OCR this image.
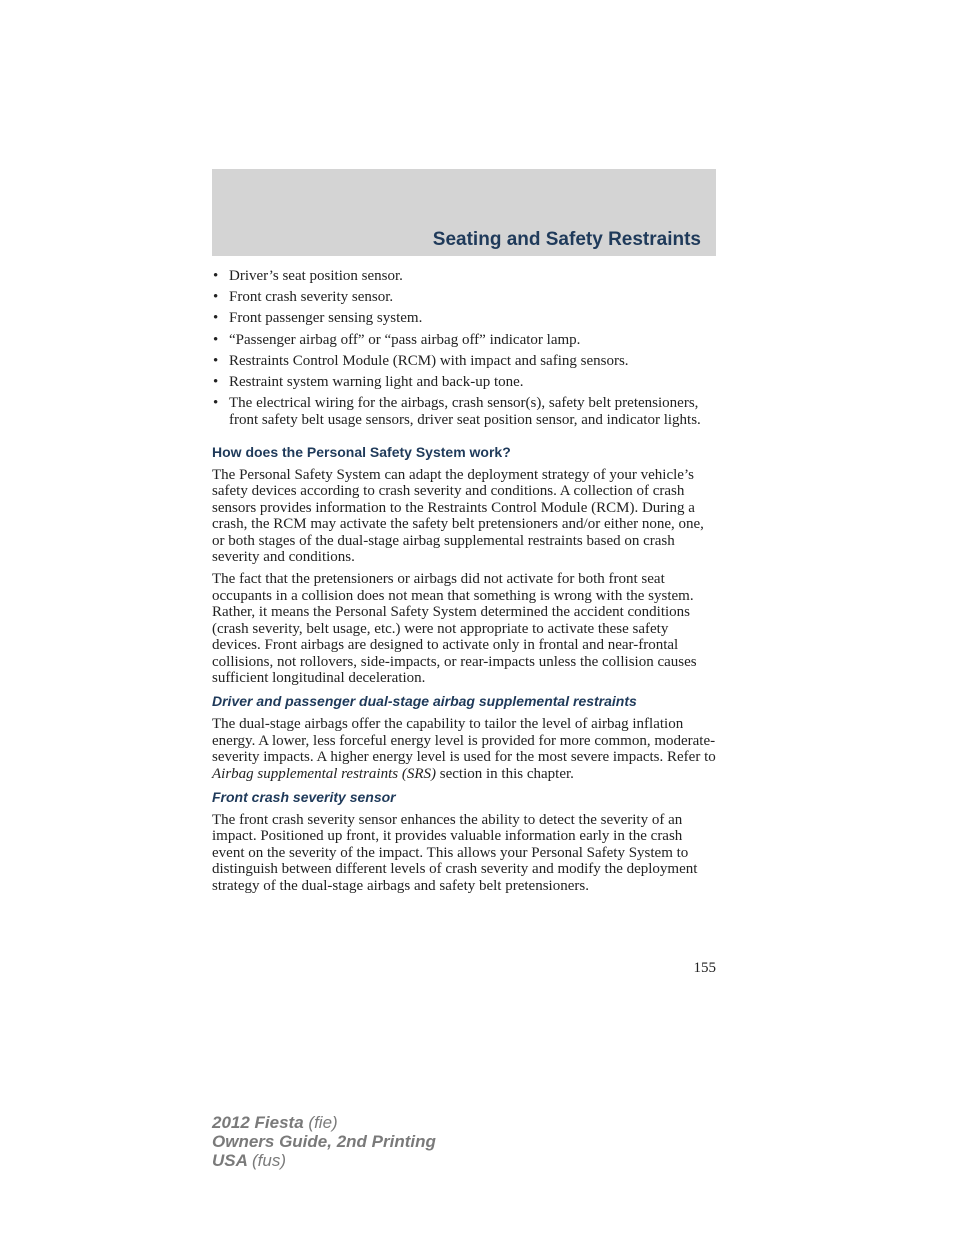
Seating and Safety Restraints
• Driver’s seat position sensor.
• Front crash severity sensor.
• Front passenger sensing system.
• “Passenger airbag off” or “pass airbag off” indicator lamp.
• Restraints Control Module (RCM) with impact and safing sensors.
• Restraint system warning light and back-up tone.
• The electrical wiring for the airbags, crash sensor(s), safety belt pretensioners, front safety belt usage sensors, driver seat position sensor, and indicator lights.
How does the Personal Safety System work?

The Personal Safety System can adapt the deployment strategy of your vehicle’s safety devices according to crash severity and conditions. A collection of crash sensors provides information to the Restraints Control Module (RCM). During a crash, the RCM may activate the safety belt pretensioners and/or either none, one, or both stages of the dual-stage airbag supplemental restraints based on crash severity and conditions.

The fact that the pretensioners or airbags did not activate for both front seat occupants in a collision does not mean that something is wrong with the system. Rather, it means the Personal Safety System determined the accident conditions (crash severity, belt usage, etc.) were not appropriate to activate these safety devices. Front airbags are designed to activate only in frontal and near-frontal collisions, not rollovers, side-impacts, or rear-impacts unless the collision causes sufficient longitudinal deceleration.

Driver and passenger dual-stage airbag supplemental restraints

The dual-stage airbags offer the capability to tailor the level of airbag inflation energy. A lower, less forceful energy level is provided for more common, moderate-severity impacts. A higher energy level is used for the most severe impacts. Refer to Airbag supplemental restraints (SRS) section in this chapter.

Front crash severity sensor

The front crash severity sensor enhances the ability to detect the severity of an impact. Positioned up front, it provides valuable information early in the crash event on the severity of the impact. This allows your Personal Safety System to distinguish between different levels of crash severity and modify the deployment strategy of the dual-stage airbags and safety belt pretensioners.

155
2012 Fiesta (fie)
Owners Guide, 2nd Printing
USA (fus)
